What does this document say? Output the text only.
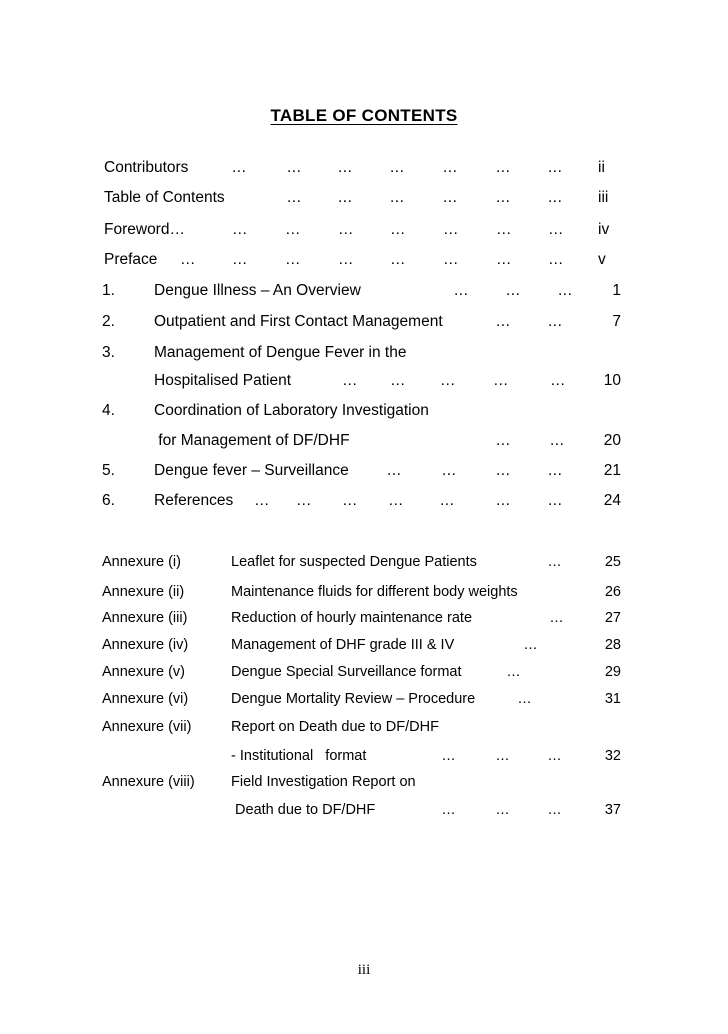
TABLE OF CONTENTS
Contributors	...	... ... ... ... ... ... ii
Table of Contents	... ... ... ... ... ... iii
Foreword…	… … … … … … … iv
Preface … … … … … … … … v
1.	Dengue Illness – An Overview	... ... ...	1
2.	Outpatient and First Contact Management	... ...	7
3.	Management of Dengue Fever in the
Hospitalised Patient	… … … …	… 10
4.	Coordination of Laboratory Investigation
for Management of DF/DHF	...	...	20
5.	Dengue fever – Surveillance ...	...	... ...	21
6.	References … … … … ...	... ...	24
Annexure (i)	Leaflet for suspected Dengue Patients	...	25
Annexure (ii)	Maintenance fluids for different body weights	26
Annexure (iii)	Reduction of hourly maintenance rate	...	27
Annexure (iv)	Management of DHF grade III & IV	...	28
Annexure (v)	Dengue Special Surveillance format	...	29
Annexure (vi)	Dengue Mortality Review – Procedure	...	31
Annexure (vii)	Report on Death due to DF/DHF
- Institutional   format	...	...	...	32
Annexure (viii)	Field Investigation Report on
Death due to DF/DHF	...	...	...	37
iii
